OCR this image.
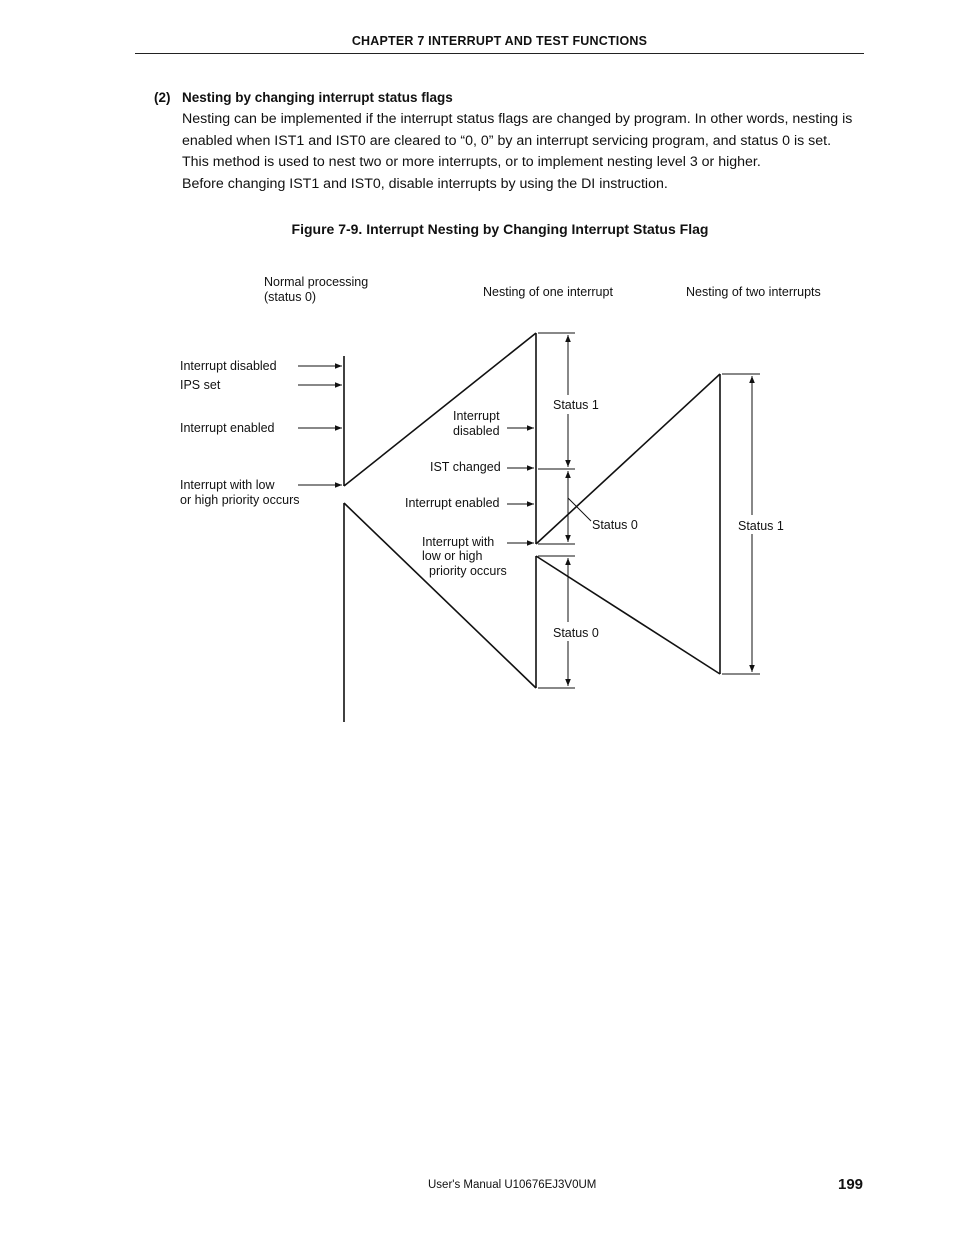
CHAPTER 7 INTERRUPT AND TEST FUNCTIONS
(2) Nesting by changing interrupt status flags
Nesting can be implemented if the interrupt status flags are changed by program. In other words, nesting is
enabled when IST1 and IST0 are cleared to “0, 0” by an interrupt servicing program, and status 0 is set.
This method is used to nest two or more interrupts, or to implement nesting level 3 or higher.
Before changing IST1 and IST0, disable interrupts by using the DI instruction.
Figure 7-9. Interrupt Nesting by Changing Interrupt Status Flag
Normal processing
(status 0)	Nesting of one interrupt	Nesting of two interrupts
Interrupt disabled
IPS set
Interrupt enabled
Interrupt with low
or high priority occurs
Interrupt
disabled
IST changed
Interrupt enabled
Interrupt with
low or high
priority occurs
Status 1
Status 0
Status 0
Status 1
User's Manual U10676EJ3V0UM	199
